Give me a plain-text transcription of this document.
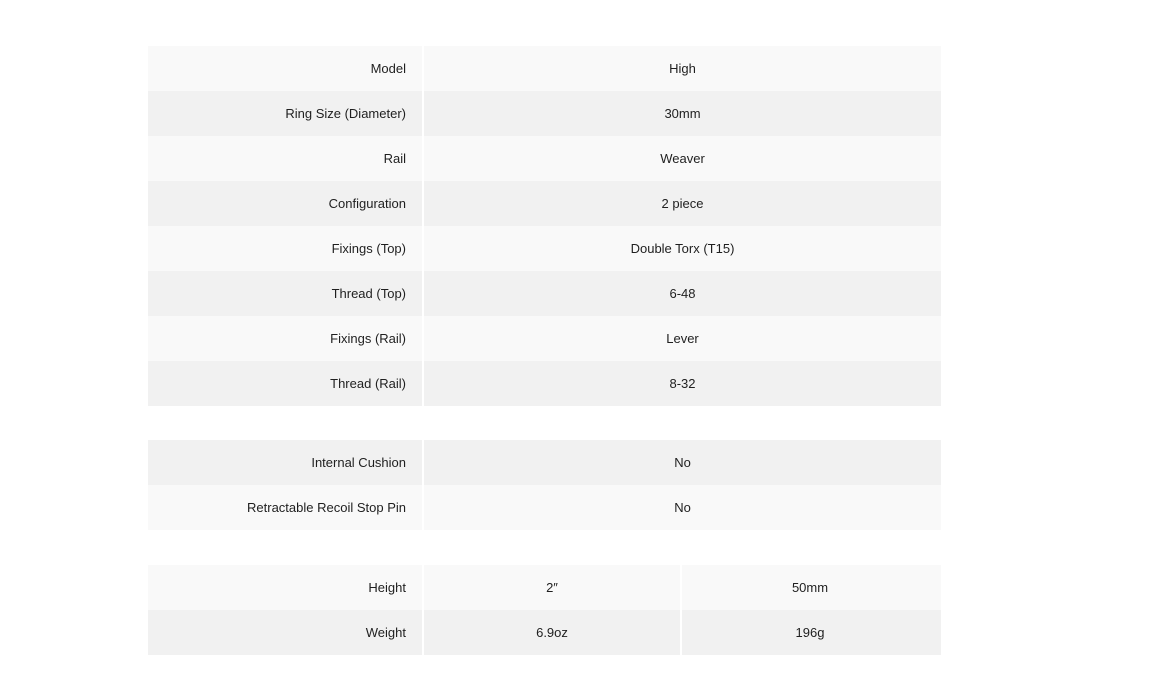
Model	High
Ring Size (Diameter)	30mm
Rail	Weaver
Configuration	2 piece
Fixings (Top)	Double Torx (T15)
Thread (Top)	6-48
Fixings (Rail)	Lever
Thread (Rail)	8-32
Internal Cushion	No
Retractable Recoil Stop Pin	No
Height	2″	50mm
Weight	6.9oz	196g
